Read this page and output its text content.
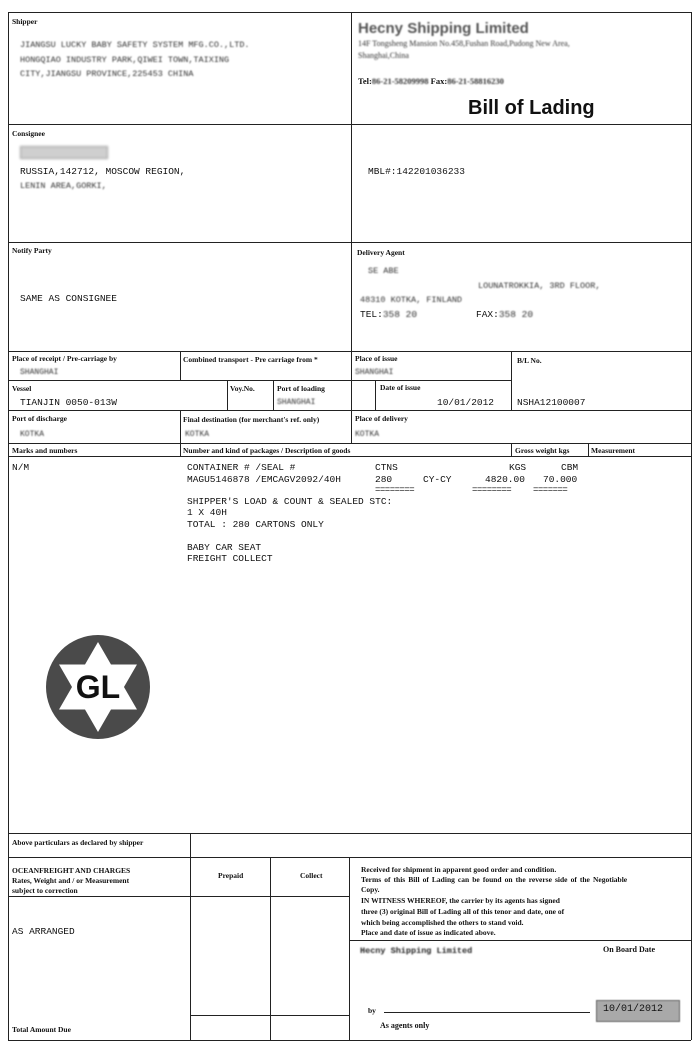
Shipper
JIANGSU LUCKY BABY SAFETY SYSTEM MFG.CO.,LTD.
HONGQIAO INDUSTRY PARK,QIWEI TOWN,TAIXING
CITY,JIANGSU PROVINCE,225453 CHINA
Hecny Shipping Limited
14F Tongsheng Mansion No.458,Fushan Road,Pudong New Area,
Shanghai,China
Tel:86-21-58209998 Fax:86-21-58816230
Bill of Lading
Consignee
RUSSIA,142712, MOSCOW REGION,
LENIN AREA,GORKI,
MBL#:142201036233
Notify Party
SAME AS CONSIGNEE
Delivery Agent
SE ABE
LOUNATROKKIA, 3RD FLOOR,
48310 KOTKA, FINLAND
TEL:358 20	FAX:358 20
Place of receipt / Pre-carriage by
SHANGHAI
Combined transport - Pre carriage from *	Place of issue
SHANGHAI
B/L No.
Vessel
TIANJIN 0050-013W
Voy.No.	Port of loading
SHANGHAI
Date of issue
10/01/2012 NSHA12100007
Port of discharge
KOTKA
Final destination (for merchant's ref. only)
KOTKA
Place of delivery
KOTKA
Marks and numbers	Number and kind of packages / Description of goods	Gross weight kgs	Measurement
N/M	CONTAINER # /SEAL #	CTNS	KGS	CBM
MAGU5146878 /EMCAGV2092/40H	280	CY-CY	4820.00 70.000
========	======== =======
SHIPPER'S LOAD & COUNT & SEALED STC:
1 X 40H
TOTAL : 280 CARTONS ONLY
BABY CAR SEAT
FREIGHT COLLECT
GL
Above particulars as declared by shipper
OCEANFREIGHT AND CHARGES
Rates, Weight and / or Measurement
subject to correction
Prepaid	Collect
AS ARRANGED
Total Amount Due
Received for shipment in apparent good order and condition.
Terms of this Bill of Lading can be found on the reverse side of the Negotiable
Copy.
IN WITNESS WHEREOF, the carrier by its agents has signed
three (3) original Bill of Lading all of this tenor and date, one of
which being accomplished the others to stand void.
Place and date of issue as indicated above.
Hecny Shipping Limited	On Board Date
by
As agents only
10/01/2012
